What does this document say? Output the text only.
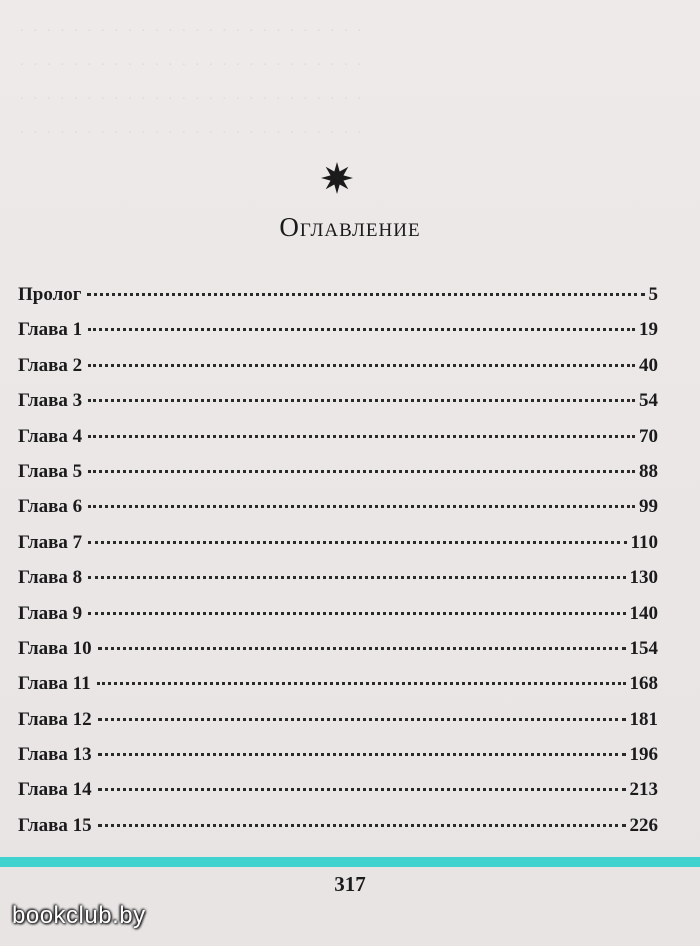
. . . . . . . . . . . . . . . . . . . . . . . . . .
. . . . . . . . . . . . . . . . . . . . . . . . . .
. . . . . . . . . . . . . . . . . . . . . . . . . .
. . . . . . . . . . . . . . . . . . . . . . . . . .
Оглавление
Пролог	5
Глава 1	19
Глава 2	40
Глава 3	54
Глава 4	70
Глава 5	88
Глава 6	99
Глава 7	110
Глава 8	130
Глава 9	140
Глава 10	154
Глава 11	168
Глава 12	181
Глава 13	196
Глава 14	213
Глава 15	226
317
bookclub.by
